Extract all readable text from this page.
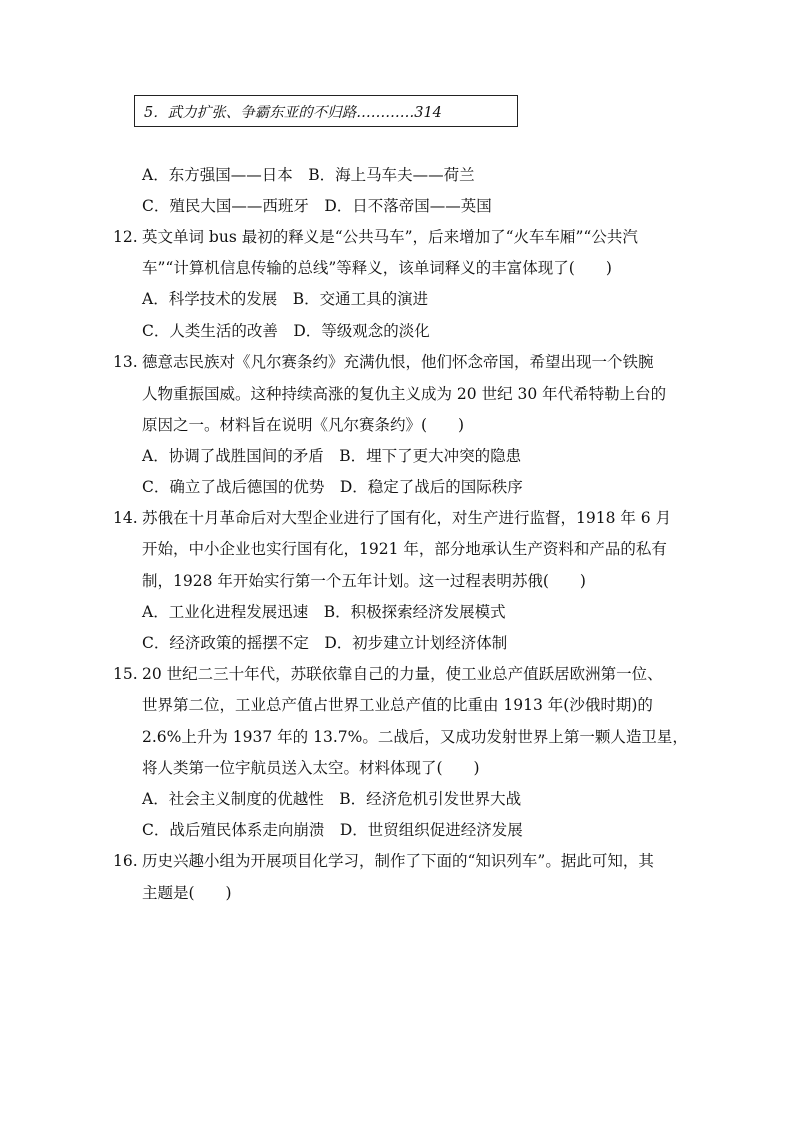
5．武力扩张、争霸东亚的不归路…………314
A．东方强国——日本　B．海上马车夫——荷兰
C．殖民大国——西班牙　D．日不落帝国——英国
12. 英文单词 bus 最初的释义是“公共马车”，后来增加了“火车车厢”“公共汽
车”“计算机信息传输的总线”等释义，该单词释义的丰富体现了(　　)
A．科学技术的发展　B．交通工具的演进
C．人类生活的改善　D．等级观念的淡化
13. 德意志民族对《凡尔赛条约》充满仇恨，他们怀念帝国，希望出现一个铁腕
人物重振国威。这种持续高涨的复仇主义成为 20 世纪 30 年代希特勒上台的
原因之一。材料旨在说明《凡尔赛条约》(　　)
A．协调了战胜国间的矛盾　B．埋下了更大冲突的隐患
C．确立了战后德国的优势　D．稳定了战后的国际秩序
14. 苏俄在十月革命后对大型企业进行了国有化，对生产进行监督，1918 年 6 月
开始，中小企业也实行国有化，1921 年，部分地承认生产资料和产品的私有
制，1928 年开始实行第一个五年计划。这一过程表明苏俄(　　)
A．工业化进程发展迅速　B．积极探索经济发展模式
C．经济政策的摇摆不定　D．初步建立计划经济体制
15. 20 世纪二三十年代，苏联依靠自己的力量，使工业总产值跃居欧洲第一位、
世界第二位，工业总产值占世界工业总产值的比重由 1913 年(沙俄时期)的
2.6%上升为 1937 年的 13.7%。二战后，又成功发射世界上第一颗人造卫星，
将人类第一位宇航员送入太空。材料体现了(　　)
A．社会主义制度的优越性　B．经济危机引发世界大战
C．战后殖民体系走向崩溃　D．世贸组织促进经济发展
16. 历史兴趣小组为开展项目化学习，制作了下面的“知识列车”。据此可知，其
主题是(　　)
